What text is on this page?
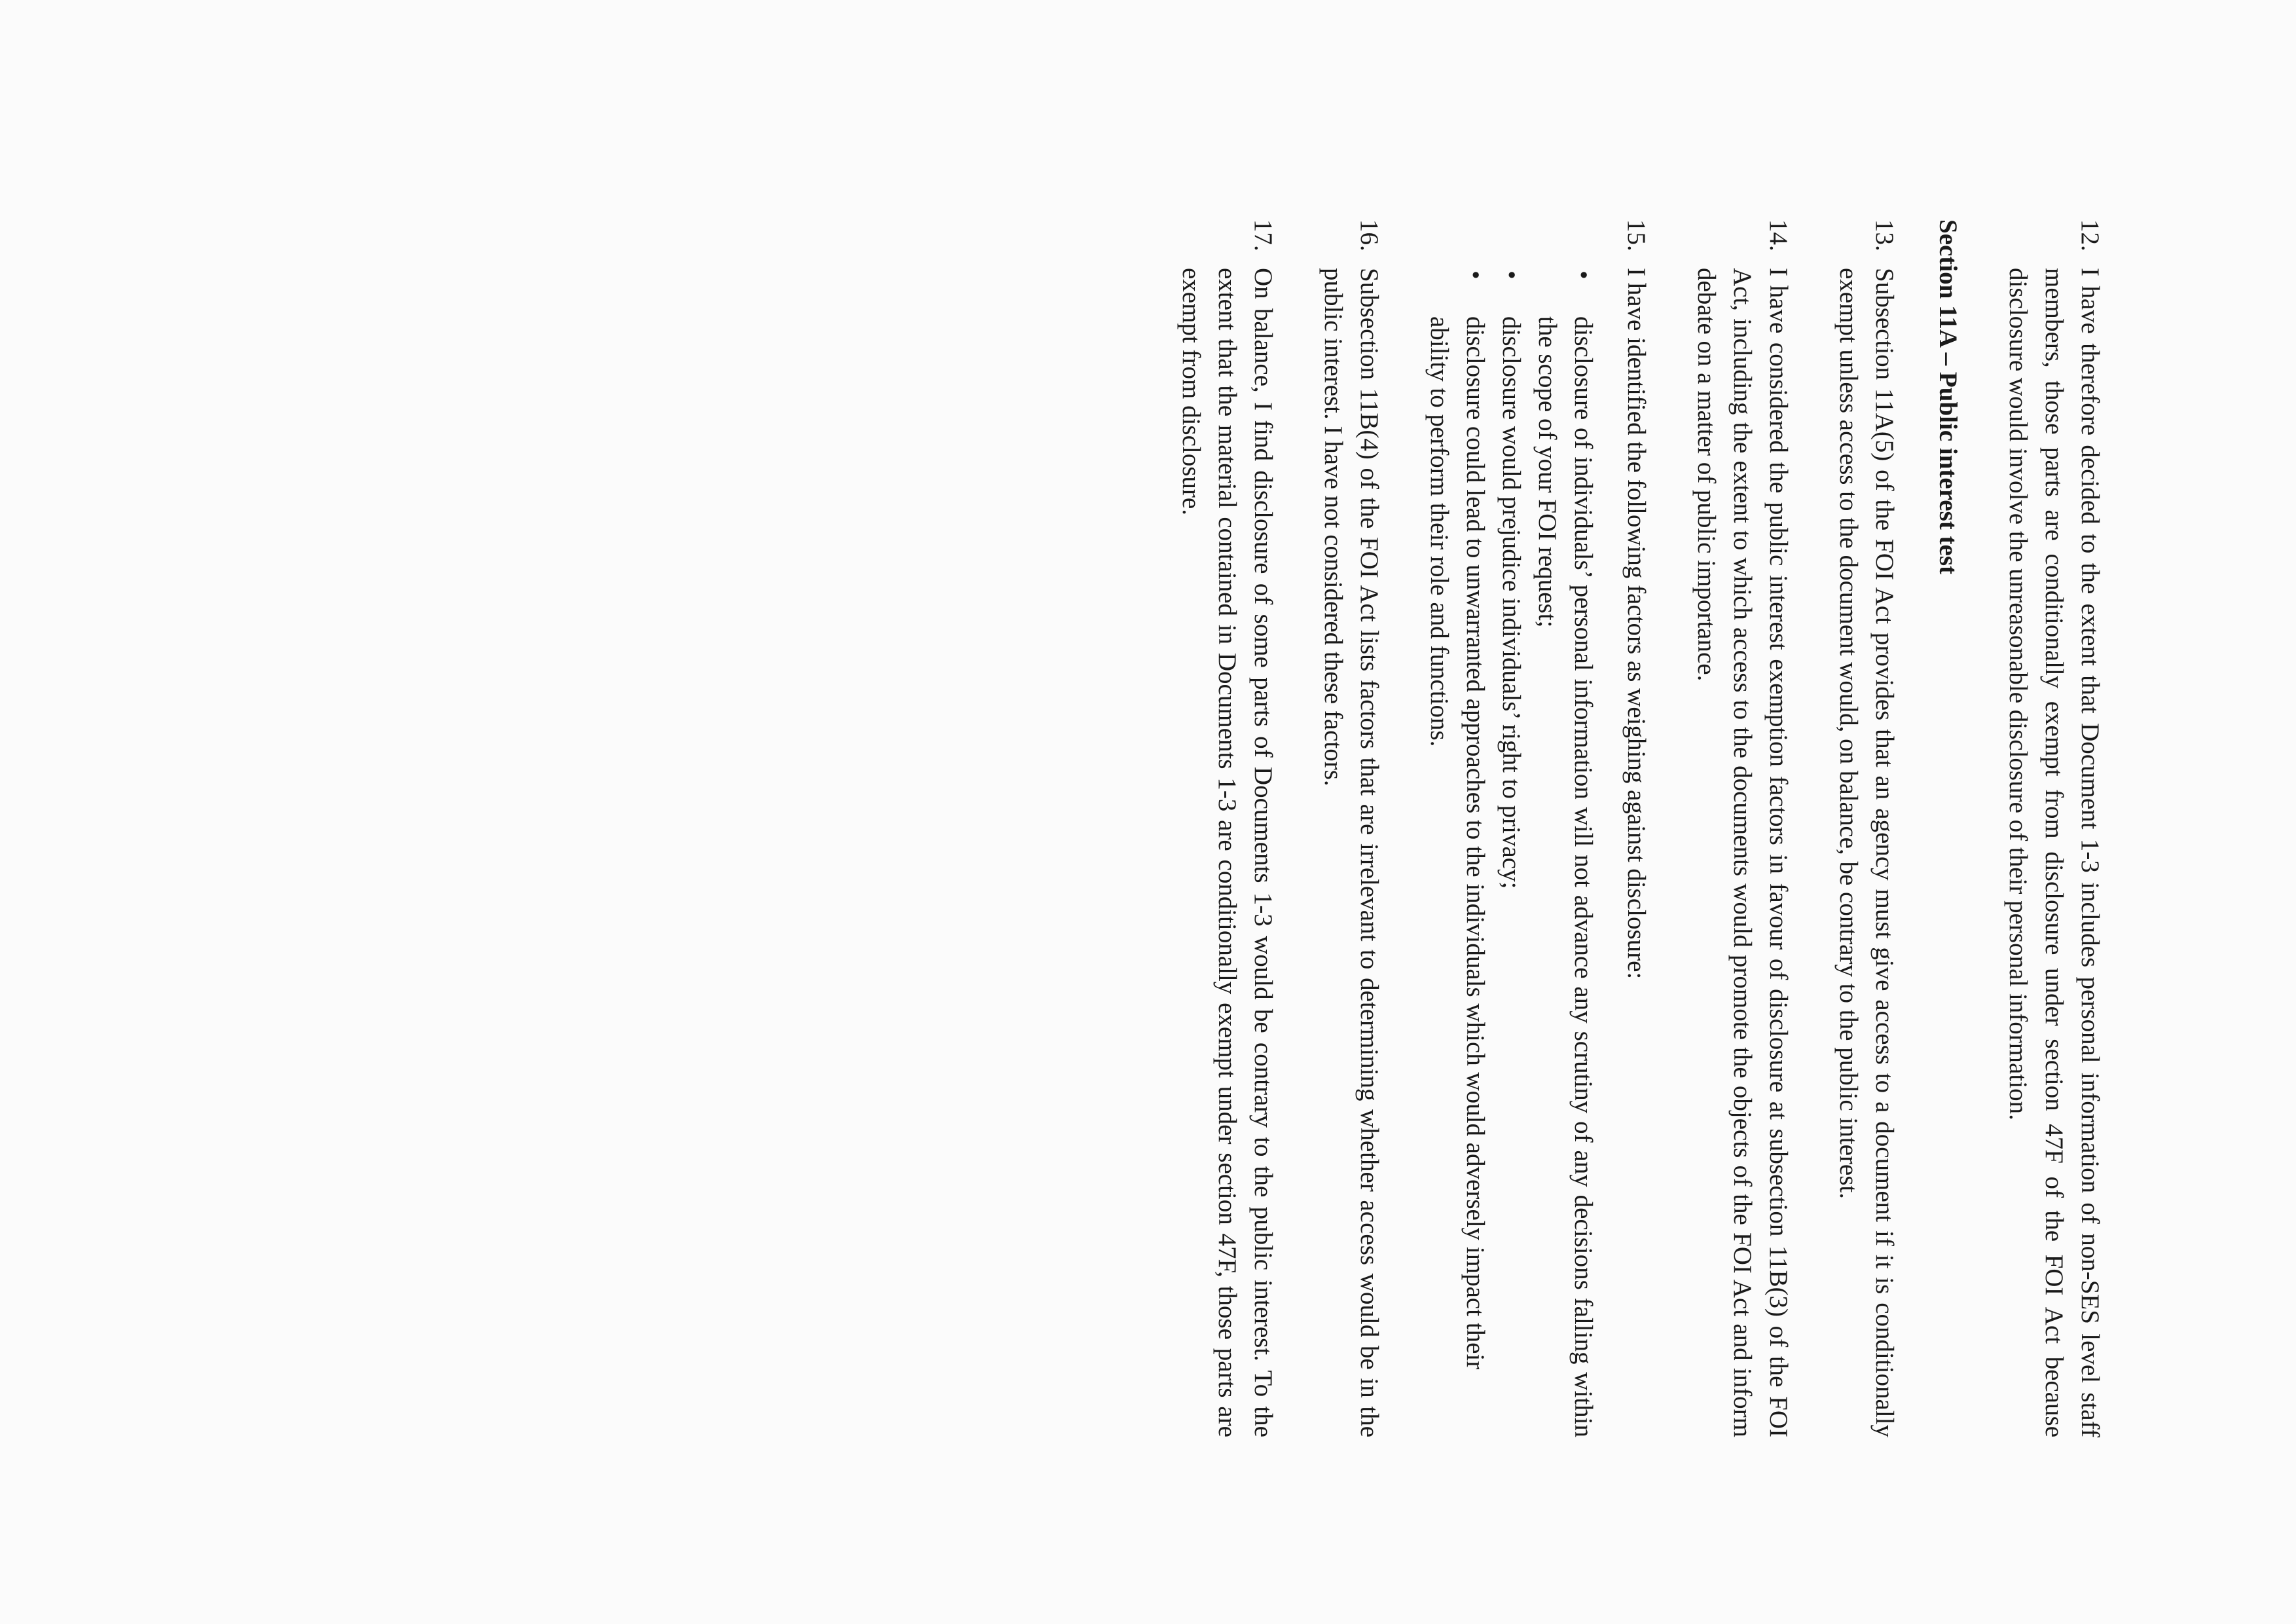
12.
I have therefore decided to the extent that Document 1-3 includes personal information of non-SES level staff members, those parts are conditionally exempt from disclosure under section 47F of the FOI Act because disclosure would involve the unreasonable disclosure of their personal information.
Section 11A – Public interest test
13.
Subsection 11A(5) of the FOI Act provides that an agency must give access to a document if it is conditionally exempt unless access to the document would, on balance, be contrary to the public interest.
14.
I have considered the public interest exemption factors in favour of disclosure at subsection 11B(3) of the FOI Act, including the extent to which access to the documents would promote the objects of the FOI Act and inform debate on a matter of public importance.
15.
I have identified the following factors as weighing against disclosure:
•
disclosure of individuals’ personal information will not advance any scrutiny of any decisions falling within the scope of your FOI request;
•
disclosure would prejudice individuals’ right to privacy;
•
disclosure could lead to unwarranted approaches to the individuals which would adversely impact their ability to perform their role and functions.
16.
Subsection 11B(4) of the FOI Act lists factors that are irrelevant to determining whether access would be in the public interest. I have not considered these factors.
17.
On balance, I find disclosure of some parts of Documents 1-3 would be contrary to the public interest. To the extent that the material contained in Documents 1-3 are conditionally exempt under section 47F, those parts are exempt from disclosure.
